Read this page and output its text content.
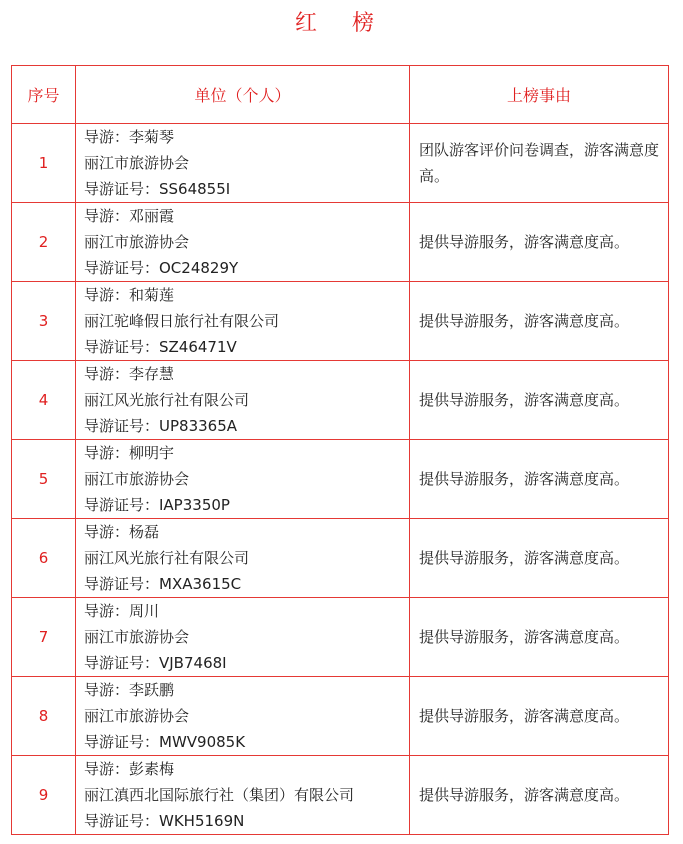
红 榜
序号	单位（个人）	上榜事由
1	导游：李菊琴
丽江市旅游协会
导游证号：SS64855I	团队游客评价问卷调查，游客满意度高。
2	导游：邓丽霞
丽江市旅游协会
导游证号：OC24829Y	提供导游服务，游客满意度高。
3	导游：和菊莲
丽江驼峰假日旅行社有限公司
导游证号：SZ46471V	提供导游服务，游客满意度高。
4	导游：李存慧
丽江风光旅行社有限公司
导游证号：UP83365A	提供导游服务，游客满意度高。
5	导游：柳明宇
丽江市旅游协会
导游证号：IAP3350P	提供导游服务，游客满意度高。
6	导游：杨磊
丽江风光旅行社有限公司
导游证号：MXA3615C	提供导游服务，游客满意度高。
7	导游：周川
丽江市旅游协会
导游证号：VJB7468I	提供导游服务，游客满意度高。
8	导游：李跃鹏
丽江市旅游协会
导游证号：MWV9085K	提供导游服务，游客满意度高。
9	导游：彭素梅
丽江滇西北国际旅行社（集团）有限公司
导游证号：WKH5169N	提供导游服务，游客满意度高。
